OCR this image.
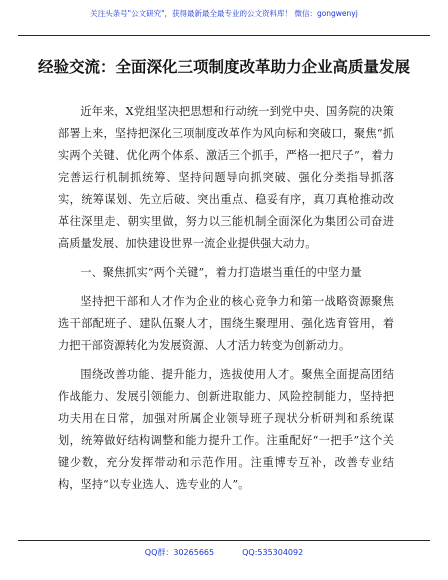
关注头条号"公文研究"，获得最新最全最专业的公文资料库！ 微信：gongwenyj
经验交流：全面深化三项制度改革助力企业高质量发展

近年来，X党组坚决把思想和行动统一到党中央、国务院的决策部署上来，坚持把深化三项制度改革作为风向标和突破口，聚焦“抓实两个关键、优化两个体系、激活三个抓手，严格一把尺子”，着力完善运行机制抓统筹、坚持问题导向抓突破、强化分类指导抓落实，统筹谋划、先立后破、突出重点、稳妥有序，真刀真枪推动改革往深里走、朝实里做，努力以三能机制全面深化为集团公司奋进高质量发展、加快建设世界一流企业提供强大动力。

一、聚焦抓实“两个关键”，着力打造堪当重任的中坚力量

坚持把干部和人才作为企业的核心竞争力和第一战略资源聚焦选干部配班子、建队伍聚人才，围绕生聚理用、强化选育管用，着力把干部资源转化为发展资源、人才活力转变为创新动力。

围绕改善功能、提升能力，选拔使用人才。聚焦全面提高团结作战能力、发展引领能力、创新进取能力、风险控制能力，坚持把功夫用在日常，加强对所属企业领导班子现状分析研判和系统谋划，统筹做好结构调整和能力提升工作。注重配好“一把手”这个关键少数，充分发挥带动和示范作用。注重博专互补，改善专业结构，坚持“以专业选人、选专业的人”。

QQ群：30265665	QQ:535304092
